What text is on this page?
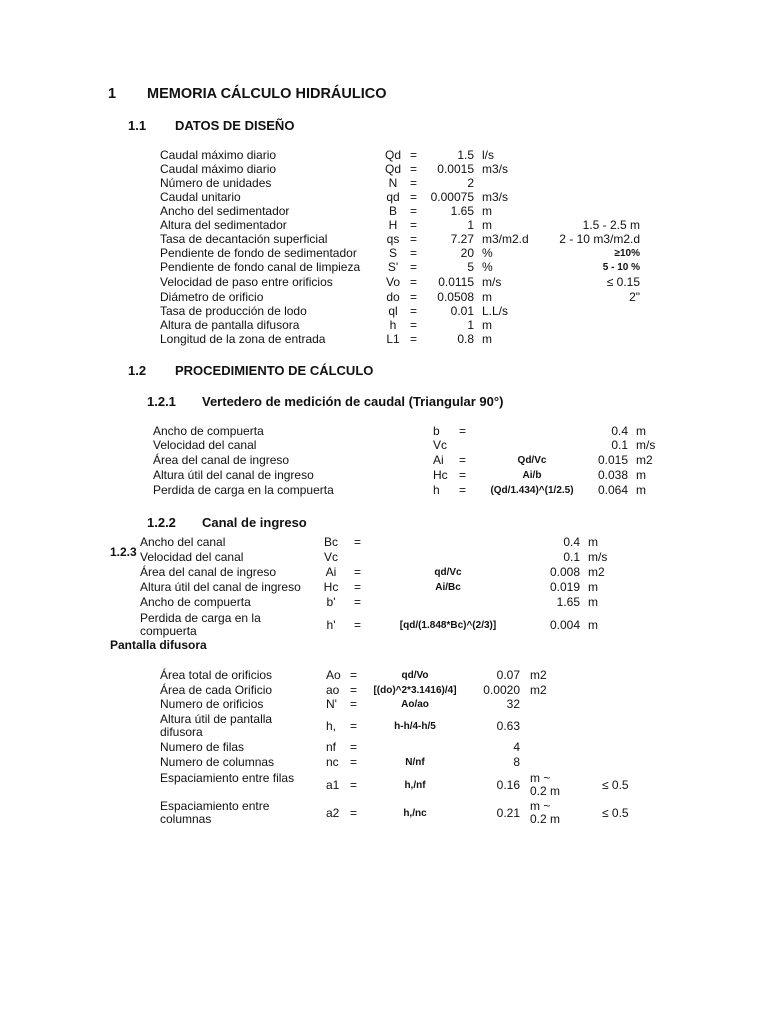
1 MEMORIA CÁLCULO HIDRÁULICO
1.1 DATOS DE DISEÑO
Caudal máximo diario	Qd =	1.5 l/s
Caudal máximo diario	Qd =	0.0015 m3/s
Número de unidades	N	=	2
Caudal unitario	qd =	0.00075 m3/s
Ancho del sedimentador	B	=	1.65 m
Altura del sedimentador	H	=	1 m	1.5 - 2.5 m
Tasa de decantación superficial	qs =	7.27 m3/m2.d	2 - 10 m3/m2.d
Pendiente de fondo de sedimentador	S	=	20 %	≥10%
Pendiente de fondo canal de limpieza	S' =	5 %	5 - 10 %
Velocidad de paso entre orificios	Vo =	0.0115 m/s	≤ 0.15
Diámetro de orificio	do =	0.0508 m	2"
Tasa de producción de lodo	ql	=	0.01 L.L/s
Altura de pantalla difusora	h	=	1 m
Longitud de la zona de entrada	L1 =	0.8 m
1.2 PROCEDIMIENTO DE CÁLCULO
1.2.1 Vertedero de medición de caudal (Triangular 90°)
Ancho de compuerta	b =	0.4 m
Velocidad del canal	Vc	0.1 m/s
Área del canal de ingreso	Ai =	Qd/Vc	0.015 m2
Altura útil del canal de ingreso	Hc =	Ai/b	0.038 m
Perdida de carga en la compuerta	h =	(Qd/1.434)^(1/2.5)	0.064 m
1.2.2 Canal de ingreso
Ancho del canal	Bc	=	0.4 m
Velocidad del canal	Vc	0.1 m/s
Área del canal de ingreso	Ai	=	qd/Vc	0.008 m2
Altura útil del canal de ingreso	Hc	=	Ai/Bc	0.019 m
Ancho de compuerta	b'	=	1.65 m
Perdida de carga en la compuerta	h'	=	[qd/(1.848*Bc)^(2/3)]	0.004 m
1.2.3
Pantalla difusora
Área total de orificios	Ao =	qd/Vo	0.07 m2
Área de cada Orificio	ao =	[(do)^2*3.1416)/4]	0.0020 m2
Numero de orificios	N' =	Ao/ao	32
Altura útil de pantalla difusora	h, =	h-h/4-h/5	0.63
Numero de filas	nf =	4
Numero de columnas	nc =	N/nf	8
Espaciamiento entre filas	a1 =	h,/nf	0.16 m ~ 0.2 m	≤ 0.5
Espaciamiento entre columnas	a2 =	h,/nc	0.21 m ~ 0.2 m	≤ 0.5
